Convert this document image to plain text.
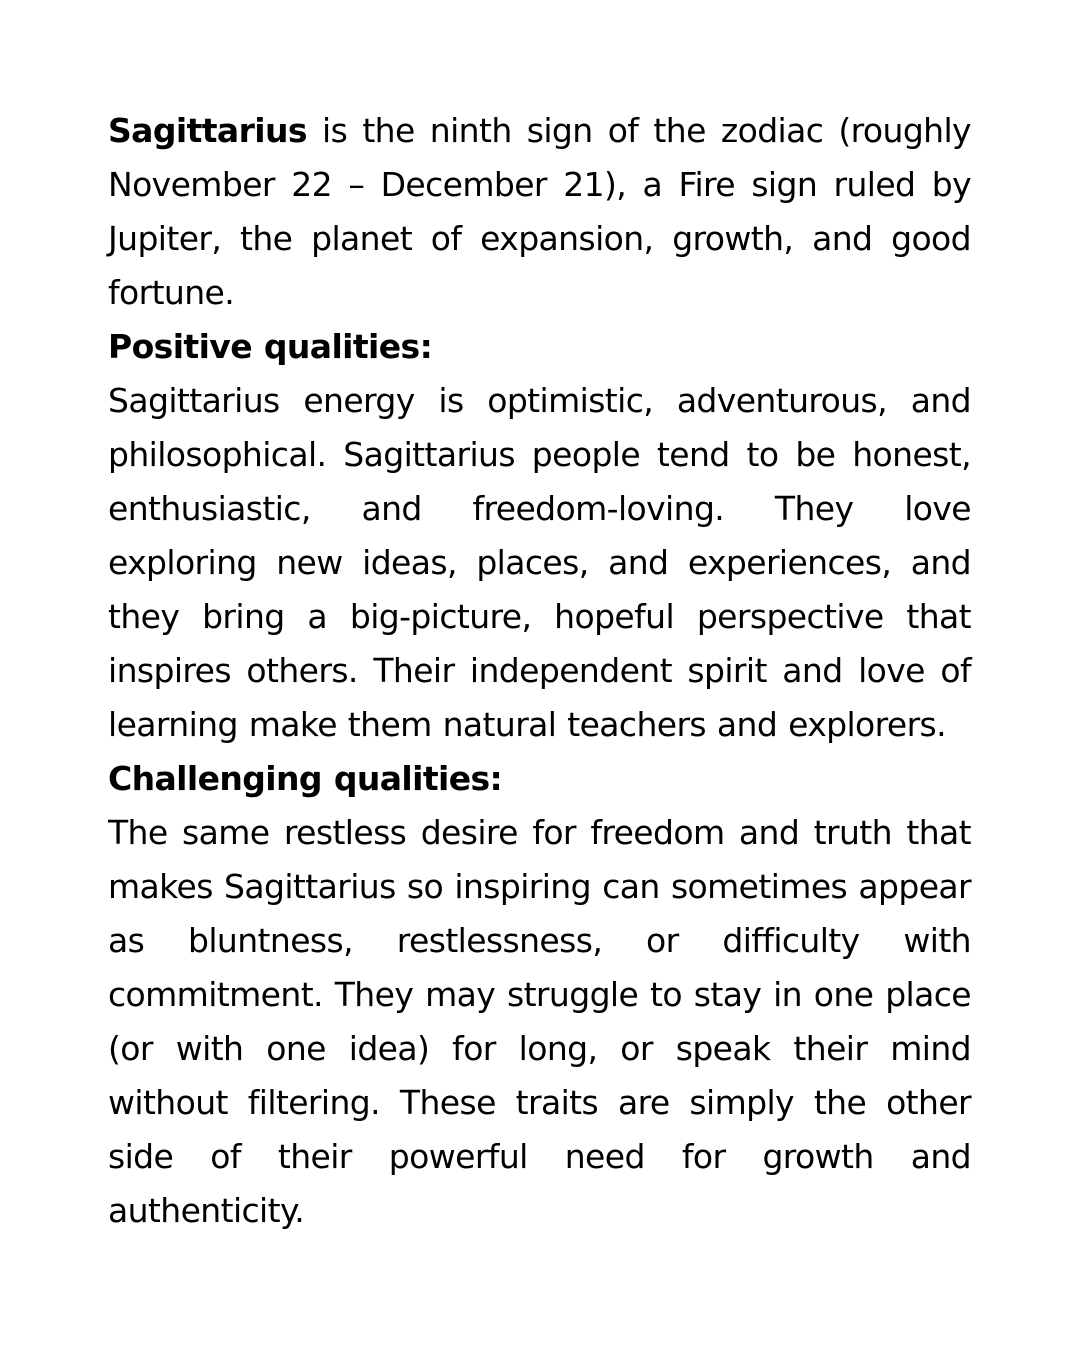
Sagittarius is the ninth sign of the zodiac (roughly November 22 – December 21), a Fire sign ruled by Jupiter, the planet of expansion, growth, and good fortune.

Positive qualities:

Sagittarius energy is optimistic, adventurous, and philosophical. Sagittarius people tend to be honest, enthusiastic, and freedom-loving. They love exploring new ideas, places, and experiences, and they bring a big-picture, hopeful perspective that inspires others. Their independent spirit and love of learning make them natural teachers and explorers.

Challenging qualities:

The same restless desire for freedom and truth that makes Sagittarius so inspiring can sometimes appear as bluntness, restlessness, or difficulty with commitment. They may struggle to stay in one place (or with one idea) for long, or speak their mind without filtering. These traits are simply the other side of their powerful need for growth and authenticity.
